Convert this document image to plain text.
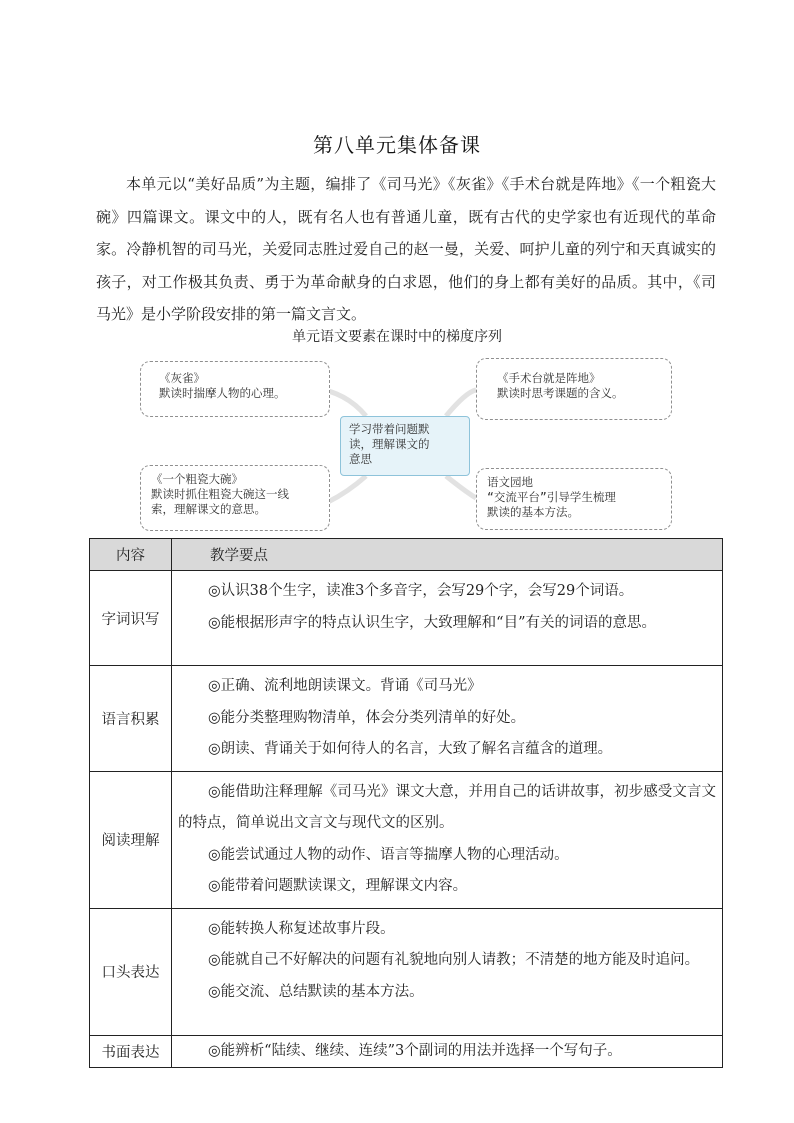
第八单元集体备课

本单元以“美好品质”为主题，编排了《司马光》《灰雀》《手术台就是阵地》《一个粗瓷大碗》四篇课文。课文中的人，既有名人也有普通儿童，既有古代的史学家也有近现代的革命家。冷静机智的司马光，关爱同志胜过爱自己的赵一曼，关爱、呵护儿童的列宁和天真诚实的孩子，对工作极其负责、勇于为革命献身的白求恩，他们的身上都有美好的品质。其中，《司马光》是小学阶段安排的第一篇文言文。

单元语文要素在课时中的梯度序列
《灰雀》
默读时揣摩人物的心理。
《手术台就是阵地》
默读时思考课题的含义。
学习带着问题默
读，理解课文的
意思
《一个粗瓷大碗》
默读时抓住粗瓷大碗这一线
索，理解课文的意思。
语文园地
“交流平台”引导学生梳理
默读的基本方法。
内容	教学要点
字词识写	◎认识38个生字，读准3个多音字，会写29个字，会写29个词语。

◎能根据形声字的特点认识生字，大致理解和“目”有关的词语的意思。

语言积累	◎正确、流利地朗读课文。背诵《司马光》

◎能分类整理购物清单，体会分类列清单的好处。

◎朗读、背诵关于如何待人的名言，大致了解名言蕴含的道理。

阅读理解	◎能借助注释理解《司马光》课文大意，并用自己的话讲故事，初步感受文言文的特点，简单说出文言文与现代文的区别。

◎能尝试通过人物的动作、语言等揣摩人物的心理活动。

◎能带着问题默读课文，理解课文内容。

口头表达	◎能转换人称复述故事片段。

◎能就自己不好解决的问题有礼貌地向别人请教；不清楚的地方能及时追问。

◎能交流、总结默读的基本方法。

书面表达	◎能辨析“陆续、继续、连续”3个副词的用法并选择一个写句子。
